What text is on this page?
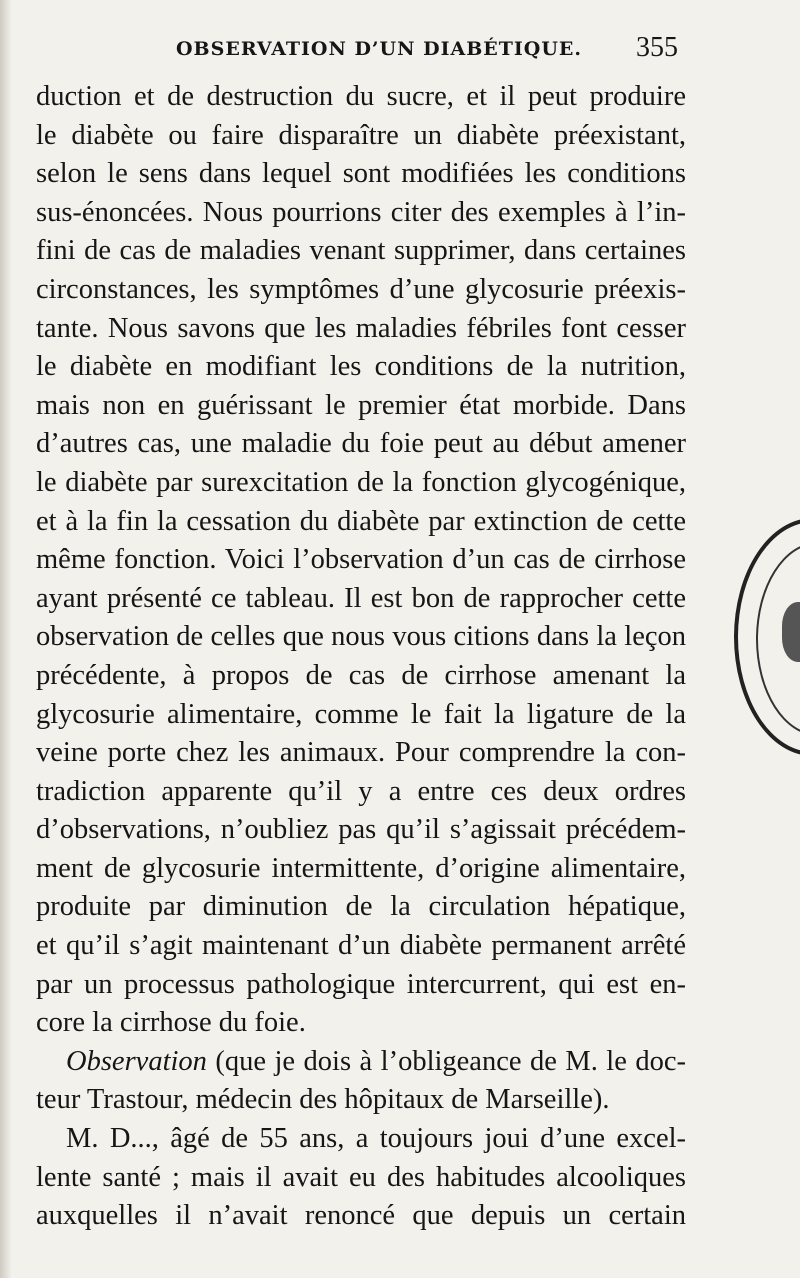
OBSERVATION D’UN DIABÉTIQUE. 355
duction et de destruction du sucre, et il peut produire
le diabète ou faire disparaître un diabète préexistant,
selon le sens dans lequel sont modifiées les conditions
sus-énoncées. Nous pourrions citer des exemples à l’in-
fini de cas de maladies venant supprimer, dans certaines
circonstances, les symptômes d’une glycosurie préexis-
tante. Nous savons que les maladies fébriles font cesser
le diabète en modifiant les conditions de la nutrition,
mais non en guérissant le premier état morbide. Dans
d’autres cas, une maladie du foie peut au début amener
le diabète par surexcitation de la fonction glycogénique,
et à la fin la cessation du diabète par extinction de cette
même fonction. Voici l’observation d’un cas de cirrhose
ayant présenté ce tableau. Il est bon de rapprocher cette
observation de celles que nous vous citions dans la leçon
précédente, à propos de cas de cirrhose amenant la
glycosurie alimentaire, comme le fait la ligature de la
veine porte chez les animaux. Pour comprendre la con-
tradiction apparente qu’il y a entre ces deux ordres
d’observations, n’oubliez pas qu’il s’agissait précédem-
ment de glycosurie intermittente, d’origine alimentaire,
produite par diminution de la circulation hépatique,
et qu’il s’agit maintenant d’un diabète permanent arrêté
par un processus pathologique intercurrent, qui est en-
core la cirrhose du foie.
Observation (que je dois à l’obligeance de M. le doc-
teur Trastour, médecin des hôpitaux de Marseille).
M. D..., âgé de 55 ans, a toujours joui d’une excel-
lente santé ; mais il avait eu des habitudes alcooliques
auxquelles il n’avait renoncé que depuis un certain
